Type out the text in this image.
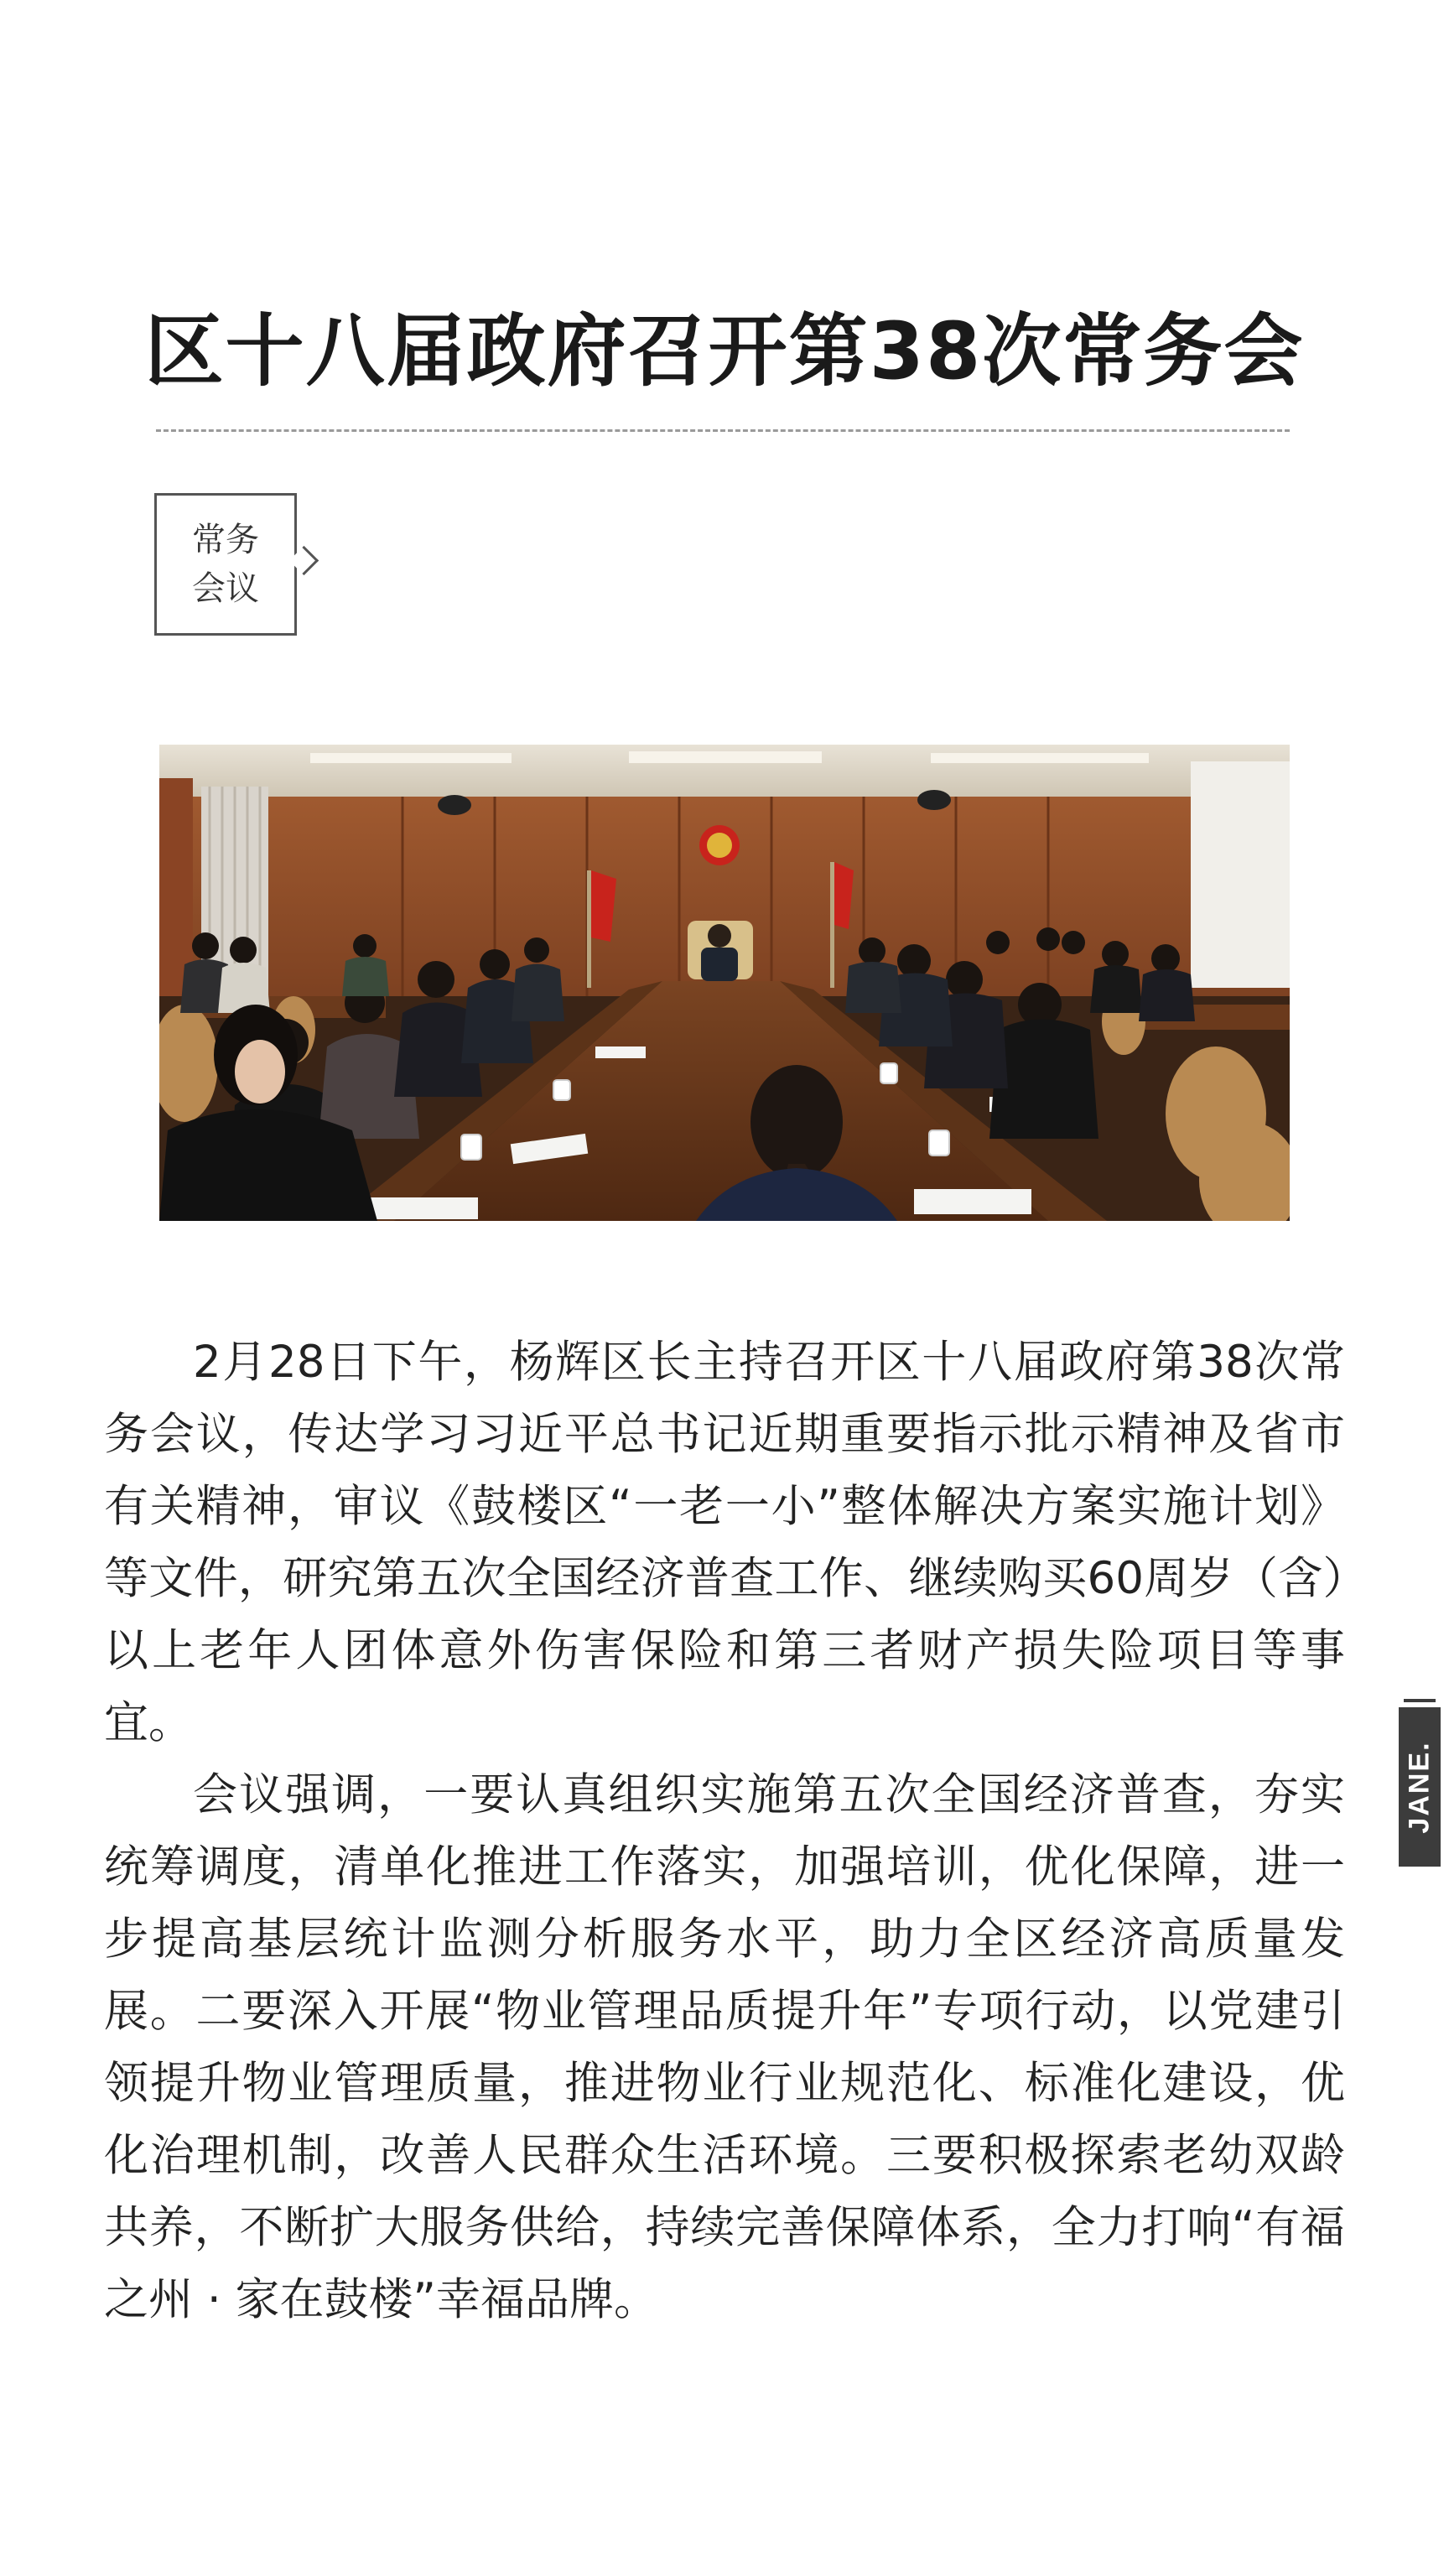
区十八届政府召开第38次常务会
常务
会议

2月28日下午，杨辉区长主持召开区十八届政府第38次常务会议，传达学习习近平总书记近期重要指示批示精神及省市有关精神，审议《鼓楼区“一老一小”整体解决方案实施计划》等文件，研究第五次全国经济普查工作、继续购买60周岁（含）以上老年人团体意外伤害保险和第三者财产损失险项目等事宜。

会议强调，一要认真组织实施第五次全国经济普查，夯实统筹调度，清单化推进工作落实，加强培训，优化保障，进一步提高基层统计监测分析服务水平，助力全区经济高质量发展。二要深入开展“物业管理品质提升年”专项行动，以党建引领提升物业管理质量，推进物业行业规范化、标准化建设，优化治理机制，改善人民群众生活环境。三要积极探索老幼双龄共养，不断扩大服务供给，持续完善保障体系，全力打响“有福之州 · 家在鼓楼”幸福品牌。

JANE.
